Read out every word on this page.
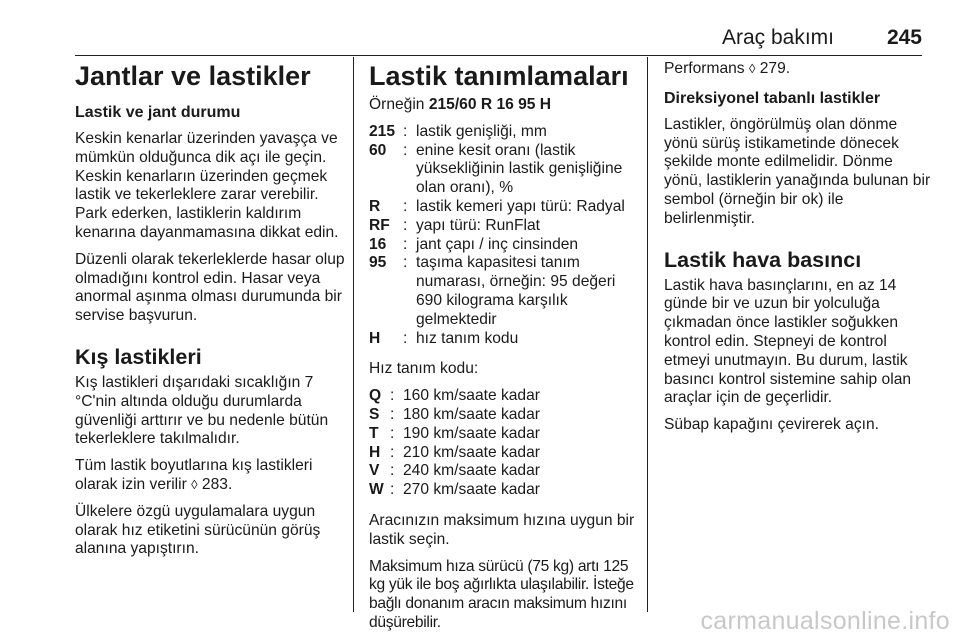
Araç bakımı	245
Jantlar ve lastikler
Lastik ve jant durumu

Keskin kenarlar üzerinden yavaşça ve mümkün olduğunca dik açı ile geçin. Keskin kenarların üzerinden geçmek lastik ve tekerleklere zarar verebilir. Park ederken, lastiklerin kaldırım kenarına dayanmamasına dikkat edin.

Düzenli olarak tekerleklerde hasar olup olmadığını kontrol edin. Hasar veya anormal aşınma olması durumunda bir servise başvurun.

Kış lastikleri

Kış lastikleri dışarıdaki sıcaklığın 7 °C'nin altında olduğu durumlarda güvenliği arttırır ve bu nedenle bütün tekerleklere takılmalıdır.

Tüm lastik boyutlarına kış lastikleri olarak izin verilir ◊ 283.

Ülkelere özgü uygulamalara uygun olarak hız etiketini sürücünün görüş alanına yapıştırın.

Lastik tanımlamaları

Örneğin 215/60 R 16 95 H

215 : lastik genişliği, mm
60	: enine kesit oranı (lastik yüksekliğinin lastik genişliğine olan oranı), %
R	: lastik kemeri yapı türü: Radyal
RF : yapı türü: RunFlat
16	: jant çapı / inç cinsinden
95	: taşıma kapasitesi tanım numarası, örneğin: 95 değeri 690 kilograma karşılık gelmektedir
H	: hız tanım kodu

Hız tanım kodu:

Q : 160 km/saate kadar
S : 180 km/saate kadar
T : 190 km/saate kadar
H : 210 km/saate kadar
V : 240 km/saate kadar
W : 270 km/saate kadar

Aracınızın maksimum hızına uygun bir lastik seçin.

Maksimum hıza sürücü (75 kg) artı 125 kg yük ile boş ağırlıkta ulaşılabilir. İsteğe bağlı donanım aracın maksimum hızını düşürebilir.

Performans ◊ 279.

Direksiyonel tabanlı lastikler

Lastikler, öngörülmüş olan dönme yönü sürüş istikametinde dönecek şekilde monte edilmelidir. Dönme yönü, lastiklerin yanağında bulunan bir sembol (örneğin bir ok) ile belirlenmiştir.

Lastik hava basıncı

Lastik hava basınçlarını, en az 14 günde bir ve uzun bir yolculuğa çıkmadan önce lastikler soğukken kontrol edin. Stepneyi de kontrol etmeyi unutmayın. Bu durum, lastik basıncı kontrol sistemine sahip olan araçlar için de geçerlidir.

Sübap kapağını çevirerek açın.

carmanualsonline.info
